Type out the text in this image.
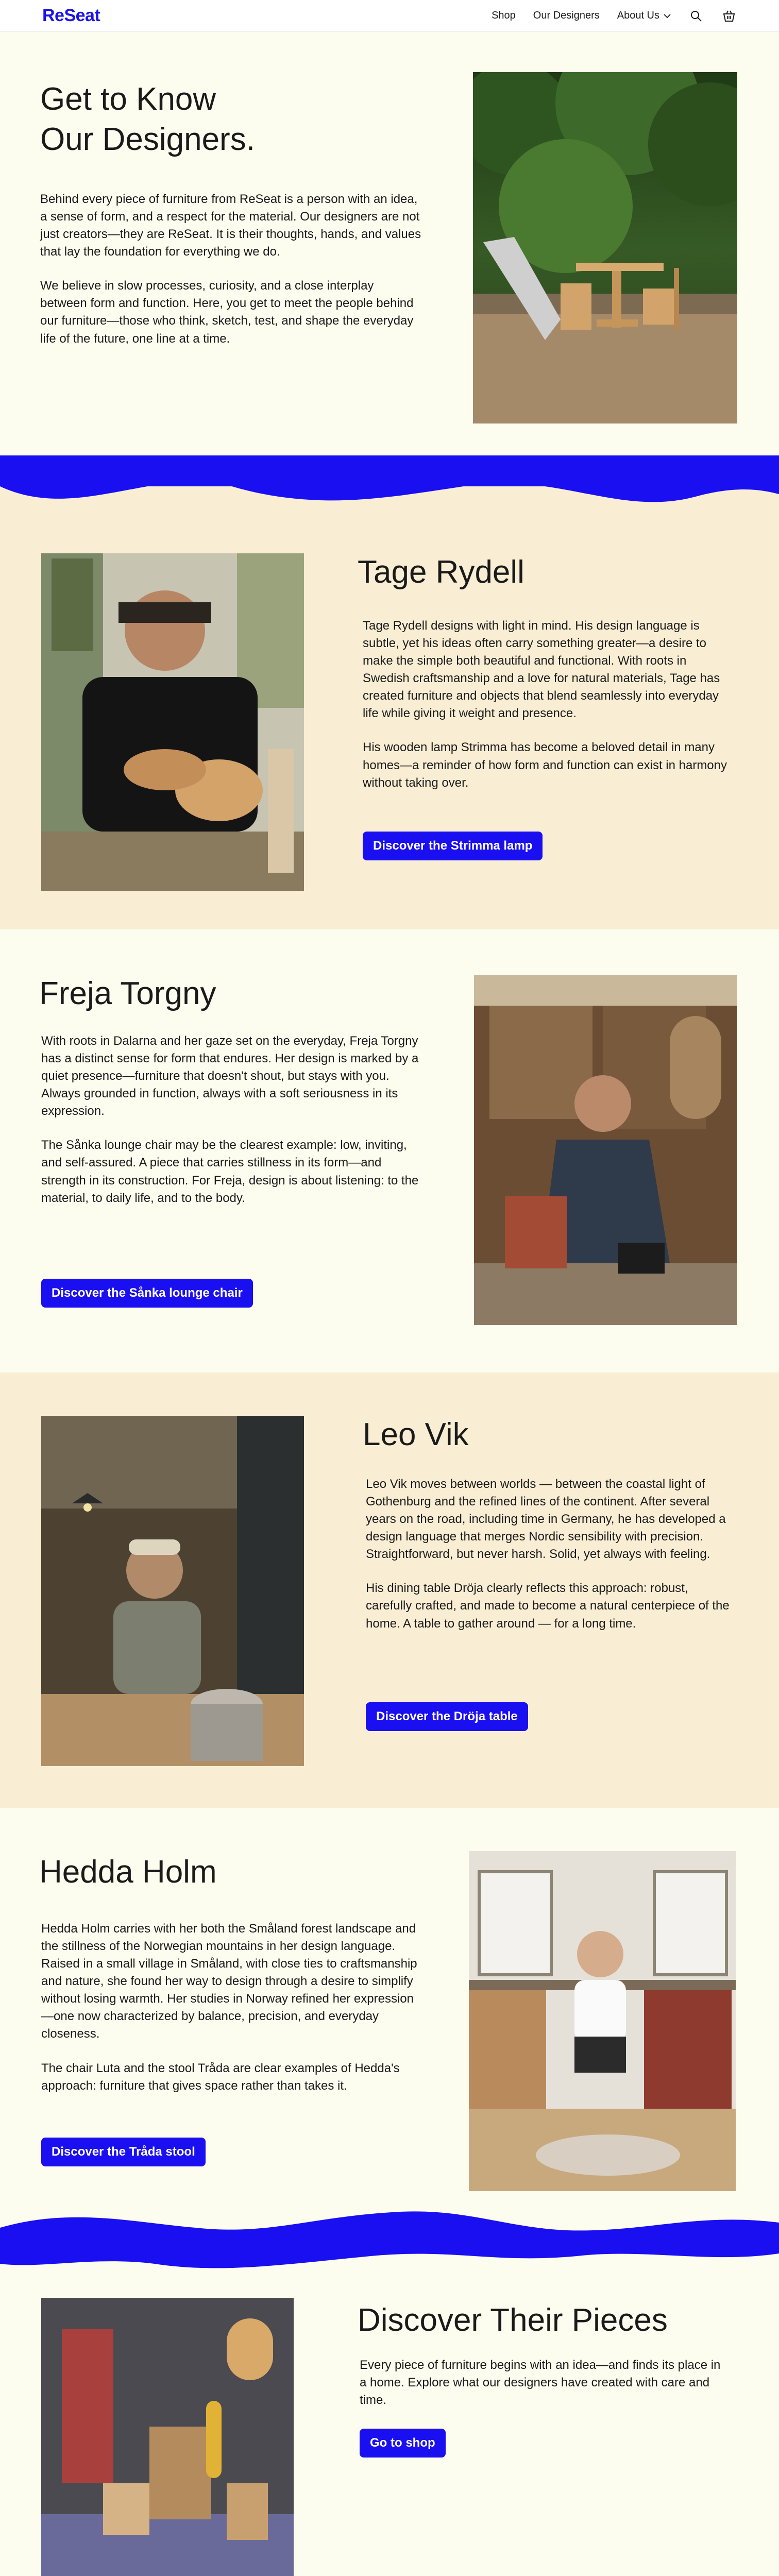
ReSeat	Shop Our Designers About Us
Get to Know
Our Designers.

Behind every piece of furniture from ReSeat is a person with an idea, a sense of form, and a respect for the material. Our designers are not just creators—they are ReSeat. It is their thoughts, hands, and values that lay the foundation for everything we do.

We believe in slow processes, curiosity, and a close interplay between form and function. Here, you get to meet the people behind our furniture—those who think, sketch, test, and shape the everyday life of the future, one line at a time.

Tage Rydell

Tage Rydell designs with light in mind. His design language is subtle, yet his ideas often carry something greater—a desire to make the simple both beautiful and functional. With roots in Swedish craftsmanship and a love for natural materials, Tage has created furniture and objects that blend seamlessly into everyday life while giving it weight and presence.

His wooden lamp Strimma has become a beloved detail in many homes—a reminder of how form and function can exist in harmony without taking over.

Discover the Strimma lamp
Freja Torgny

With roots in Dalarna and her gaze set on the everyday, Freja Torgny has a distinct sense for form that endures. Her design is marked by a quiet presence—furniture that doesn't shout, but stays with you. Always grounded in function, always with a soft seriousness in its expression.

The Sånka lounge chair may be the clearest example: low, inviting, and self-assured. A piece that carries stillness in its form—and strength in its construction. For Freja, design is about listening: to the material, to daily life, and to the body.

Discover the Sånka lounge chair
Leo Vik

Leo Vik moves between worlds — between the coastal light of Gothenburg and the refined lines of the continent. After several years on the road, including time in Germany, he has developed a design language that merges Nordic sensibility with precision. Straightforward, but never harsh. Solid, yet always with feeling.

His dining table Dröja clearly reflects this approach: robust, carefully crafted, and made to become a natural centerpiece of the home. A table to gather around — for a long time.

Discover the Dröja table
Hedda Holm

Hedda Holm carries with her both the Småland forest landscape and the stillness of the Norwegian mountains in her design language. Raised in a small village in Småland, with close ties to craftsmanship and nature, she found her way to design through a desire to simplify without losing warmth. Her studies in Norway refined her expression—one now characterized by balance, precision, and everyday closeness.

The chair Luta and the stool Tråda are clear examples of Hedda's approach: furniture that gives space rather than takes it.

Discover the Tråda stool
Discover Their Pieces

Every piece of furniture begins with an idea—and finds its place in a home. Explore what our designers have created with care and time.

Go to shop
